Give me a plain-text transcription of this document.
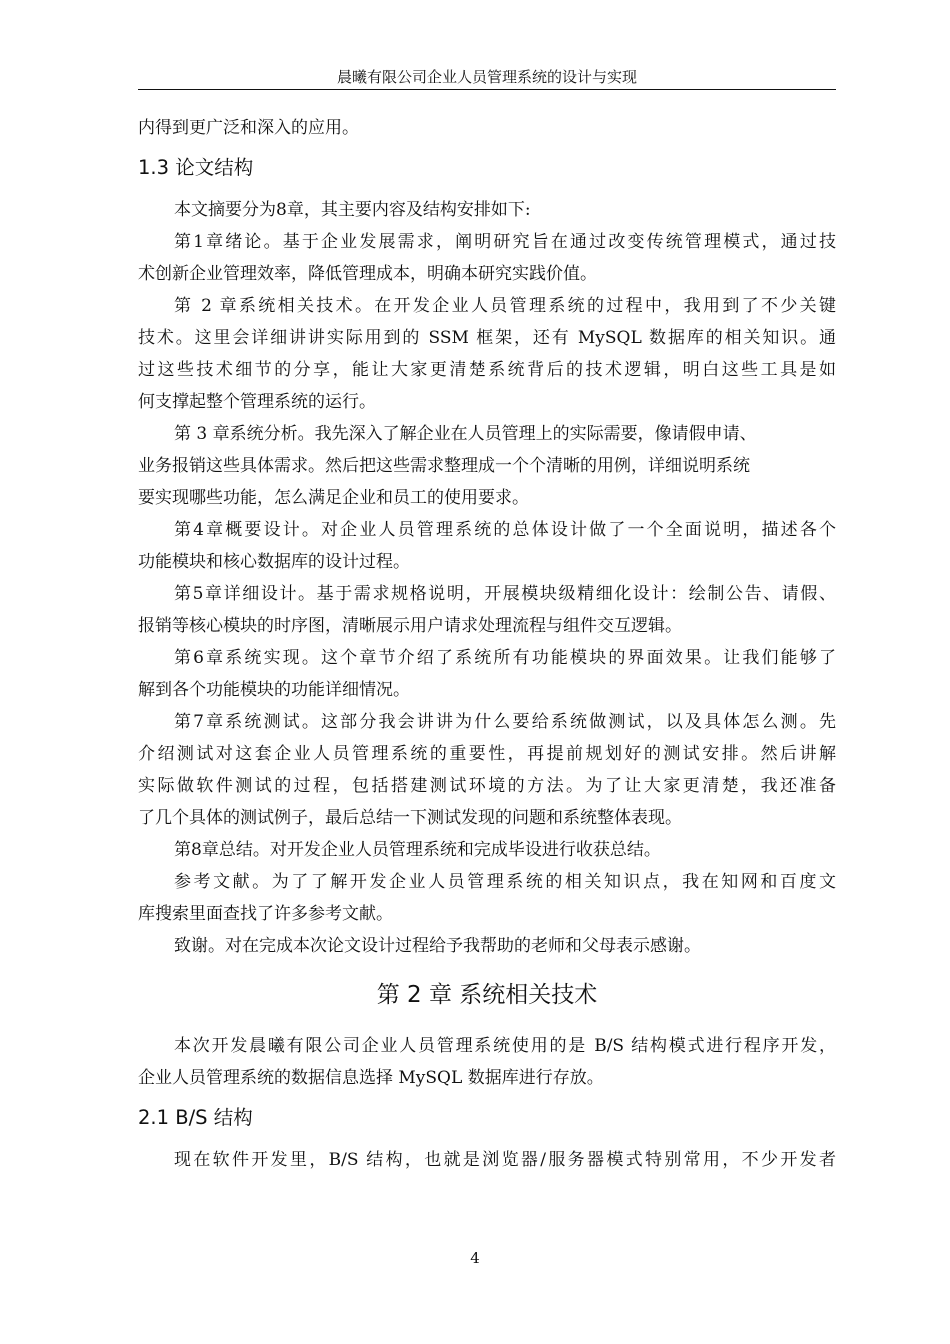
晨曦有限公司企业人员管理系统的设计与实现
内得到更广泛和深入的应用。
1.3 论文结构
本文摘要分为8章，其主要内容及结构安排如下:
第1章绪论。基于企业发展需求，阐明研究旨在通过改变传统管理模式，通过技
术创新企业管理效率，降低管理成本，明确本研究实践价值。
第 2 章系统相关技术。在开发企业人员管理系统的过程中，我用到了不少关键
技术。这里会详细讲讲实际用到的 SSM 框架，还有 MySQL 数据库的相关知识。通
过这些技术细节的分享，能让大家更清楚系统背后的技术逻辑，明白这些工具是如
何支撑起整个管理系统的运行。
第 3 章系统分析。我先深入了解企业在人员管理上的实际需要，像请假申请、
业务报销这些具体需求。然后把这些需求整理成一个个清晰的用例，详细说明系统
要实现哪些功能，怎么满足企业和员工的使用要求。
第4章概要设计。对企业人员管理系统的总体设计做了一个全面说明，描述各个
功能模块和核心数据库的设计过程。
第5章详细设计。基于需求规格说明，开展模块级精细化设计：绘制公告、请假、
报销等核心模块的时序图，清晰展示用户请求处理流程与组件交互逻辑。
第6章系统实现。这个章节介绍了系统所有功能模块的界面效果。让我们能够了
解到各个功能模块的功能详细情况。
第7章系统测试。这部分我会讲讲为什么要给系统做测试，以及具体怎么测。先
介绍测试对这套企业人员管理系统的重要性，再提前规划好的测试安排。然后讲解
实际做软件测试的过程，包括搭建测试环境的方法。为了让大家更清楚，我还准备
了几个具体的测试例子，最后总结一下测试发现的问题和系统整体表现。
第8章总结。对开发企业人员管理系统和完成毕设进行收获总结。
参考文献。为了了解开发企业人员管理系统的相关知识点，我在知网和百度文
库搜索里面查找了许多参考文献。
致谢。对在完成本次论文设计过程给予我帮助的老师和父母表示感谢。
第 2 章 系统相关技术
本次开发晨曦有限公司企业人员管理系统使用的是 B/S 结构模式进行程序开发，
企业人员管理系统的数据信息选择 MySQL 数据库进行存放。
2.1 B/S 结构
现在软件开发里，B/S 结构，也就是浏览器/服务器模式特别常用，不少开发者
4
